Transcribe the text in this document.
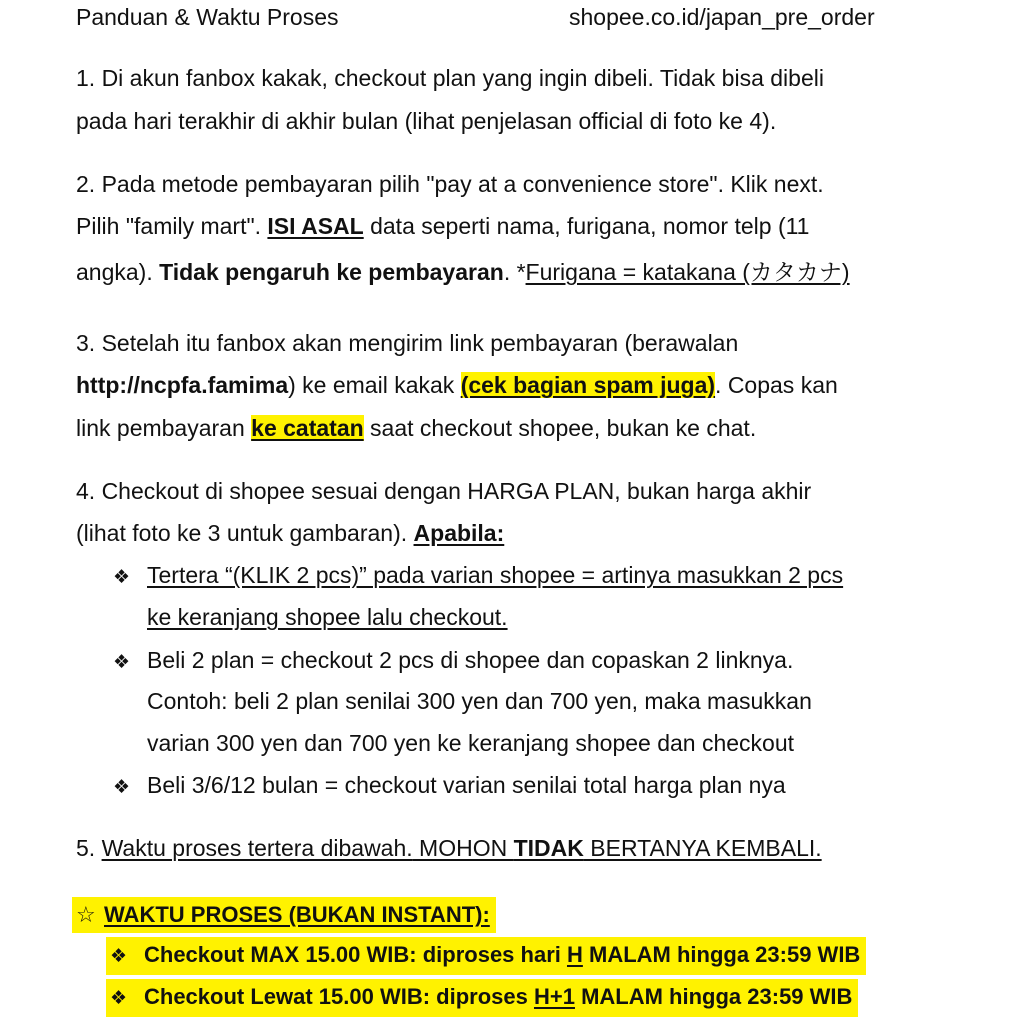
Panduan & Waktu Proses	shopee.co.id/japan_pre_order
1. Di akun fanbox kakak, checkout plan yang ingin dibeli. Tidak bisa dibeli
pada hari terakhir di akhir bulan (lihat penjelasan official di foto ke 4).
2. Pada metode pembayaran pilih "pay at a convenience store". Klik next.
Pilih "family mart". ISI ASAL data seperti nama, furigana, nomor telp (11
angka). Tidak pengaruh ke pembayaran. *Furigana = katakana (カタカナ)
3. Setelah itu fanbox akan mengirim link pembayaran (berawalan
http://ncpfa.famima) ke email kakak (cek bagian spam juga). Copas kan
link pembayaran ke catatan saat checkout shopee, bukan ke chat.
4. Checkout di shopee sesuai dengan HARGA PLAN, bukan harga akhir
(lihat foto ke 3 untuk gambaran). Apabila:
❖ Tertera “(KLIK 2 pcs)” pada varian shopee = artinya masukkan 2 pcs
ke keranjang shopee lalu checkout.
❖ Beli 2 plan = checkout 2 pcs di shopee dan copaskan 2 linknya.
Contoh: beli 2 plan senilai 300 yen dan 700 yen, maka masukkan
varian 300 yen dan 700 yen ke keranjang shopee dan checkout
❖ Beli 3/6/12 bulan = checkout varian senilai total harga plan nya
5. Waktu proses tertera dibawah. MOHON TIDAK BERTANYA KEMBALI.
☆ WAKTU PROSES (BUKAN INSTANT):
❖ Checkout MAX 15.00 WIB: diproses hari H MALAM hingga 23:59 WIB
❖ Checkout Lewat 15.00 WIB: diproses H+1 MALAM hingga 23:59 WIB
